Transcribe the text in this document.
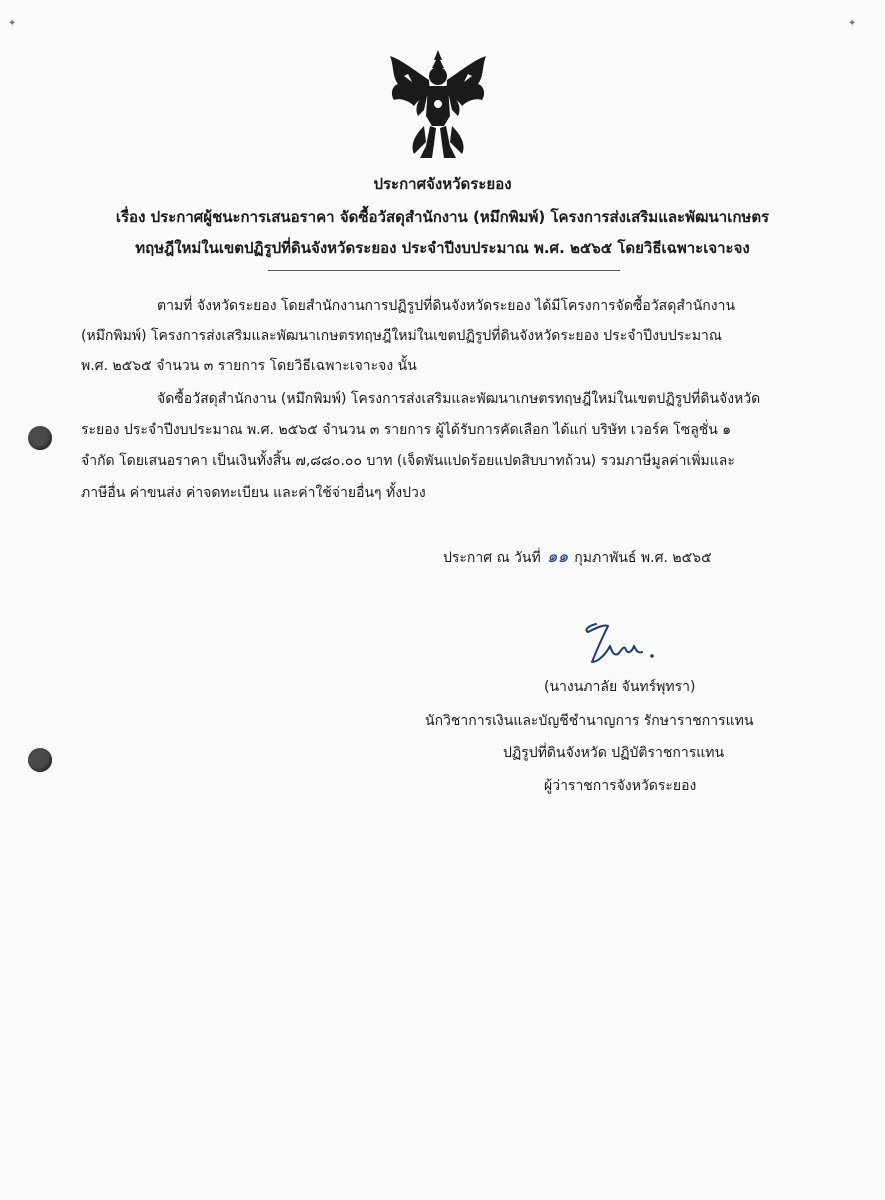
✦	✦
ประกาศจังหวัดระยอง
เรื่อง ประกาศผู้ชนะการเสนอราคา จัดซื้อวัสดุสำนักงาน (หมึกพิมพ์) โครงการส่งเสริมและพัฒนาเกษตร
ทฤษฎีใหม่ในเขตปฏิรูปที่ดินจังหวัดระยอง ประจำปีงบประมาณ พ.ศ. ๒๕๖๕ โดยวิธีเฉพาะเจาะจง
ตามที่ จังหวัดระยอง โดยสำนักงานการปฏิรูปที่ดินจังหวัดระยอง ได้มีโครงการจัดซื้อวัสดุสำนักงาน
(หมึกพิมพ์) โครงการส่งเสริมและพัฒนาเกษตรทฤษฎีใหม่ในเขตปฏิรูปที่ดินจังหวัดระยอง ประจำปีงบประมาณ
พ.ศ. ๒๕๖๕ จำนวน ๓ รายการ โดยวิธีเฉพาะเจาะจง นั้น
จัดซื้อวัสดุสำนักงาน (หมึกพิมพ์) โครงการส่งเสริมและพัฒนาเกษตรทฤษฎีใหม่ในเขตปฏิรูปที่ดินจังหวัด
ระยอง ประจำปีงบประมาณ พ.ศ. ๒๕๖๕ จำนวน ๓ รายการ ผู้ได้รับการคัดเลือก ได้แก่ บริษัท เวอร์ค โซลูชั่น ๑
จำกัด โดยเสนอราคา เป็นเงินทั้งสิ้น ๗,๘๘๐.๐๐ บาท (เจ็ดพันแปดร้อยแปดสิบบาทถ้วน) รวมภาษีมูลค่าเพิ่มและ
ภาษีอื่น ค่าขนส่ง ค่าจดทะเบียน และค่าใช้จ่ายอื่นๆ ทั้งปวง
ประกาศ ณ วันที่ ๑๑ กุมภาพันธ์ พ.ศ. ๒๕๖๕
(นางนภาลัย จันทร์พุทรา)
นักวิชาการเงินและบัญชีชำนาญการ รักษาราชการแทน
ปฏิรูปที่ดินจังหวัด ปฏิบัติราชการแทน
ผู้ว่าราชการจังหวัดระยอง
